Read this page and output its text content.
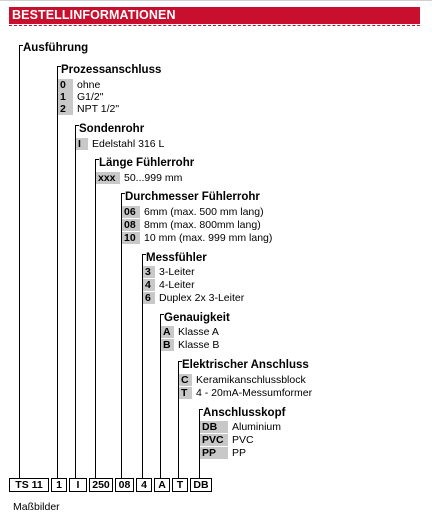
BESTELLINFORMATIONEN
Ausführung
Prozessanschluss
0	ohne
1	G1/2"
2	NPT 1/2"
Sondenrohr
I	Edelstahl 316 L
Länge Fühlerrohr
xxx 50...999 mm
Durchmesser Fühlerrohr
06 6mm (max. 500 mm lang)
08 8mm (max. 800mm lang)
10 10 mm (max. 999 mm lang)
Messfühler
3 3-Leiter
4 4-Leiter
6 Duplex 2x 3-Leiter
Genauigkeit
A Klasse A
B Klasse B
Elektrischer Anschluss
C Keramikanschlussblock
T 4 - 20mA-Messumformer
Anschlusskopf
DB	Aluminium
PVC PVC
PP	PP
TS 11	1	I	250 08	4	A	T DB
Maßbilder
